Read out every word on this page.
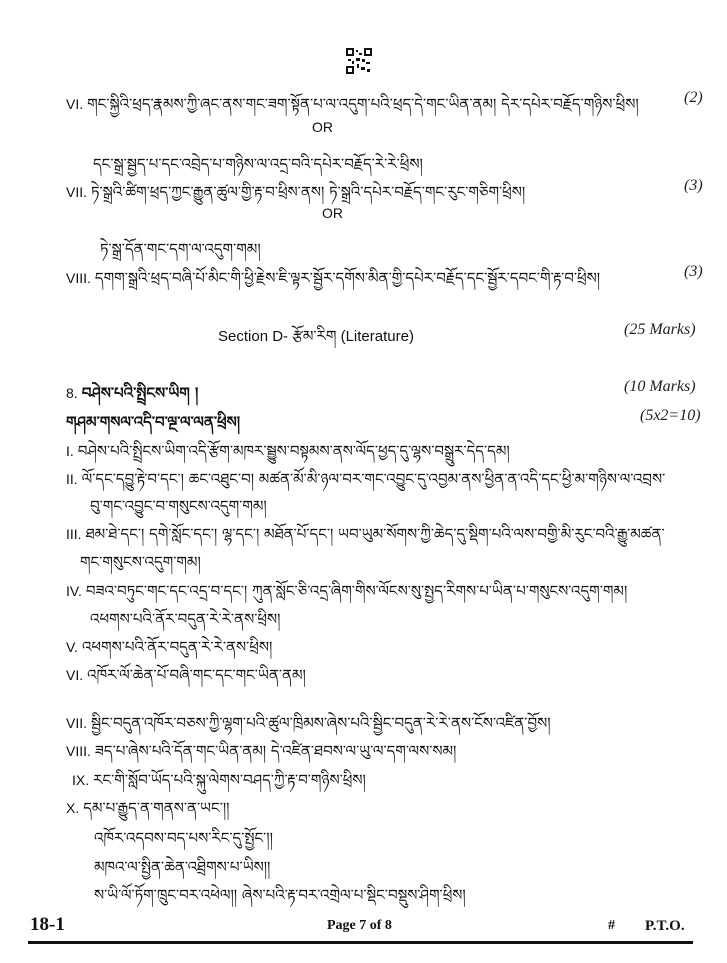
VI. གང་སྐྱིའི་ཕྲད་རྣམས་ཀྱི་ཞང་ནས་གང་ཟག་སྟོན་པ་ལ་འདུག་པའི་ཕྲད་དེ་གང་ཡིན་ནམ། དེར་དཔེར་བརྗོད་གཉིས་ཕྲིས།	(2)
OR
དང་སྒྲ་སྦྱད་པ་དང་འབྲེད་པ་གཉིས་ལ་འདྲ་བའི་དཔེར་བརྗོད་རེ་རེ་ཕྲིས།
VII. ཏེ་སྒྲའི་ཚིག་ཕྲད་ཀྱང་རྒྱུན་ཚུལ་གྱི་རྟ་བ་ཕྲིས་ནས། ཏེ་སྒྲའི་དཔེར་བརྗོད་གང་རུང་གཅིག་ཕྲིས།	(3)
OR
ཏེ་སྒྲ་དོན་གང་དག་ལ་འདུག་གམ།
VIII. དགག་སྒྲའི་ཕྲད་བཞི་པོ་མིང་གི་ཕྱི་རྗེས་ཇི་ལྟར་སྦྱོར་དགོས་མིན་གྱི་དཔེར་བརྗོད་དང་སྦྱོར་དབང་གི་རྟ་བ་ཕྲིས།	(3)
Section D- རྩོམ་རིག (Literature)	(25 Marks)
8. བཤེས་པའི་སྤྲིངས་ཡིག །	(10 Marks)
གཤམ་གསལ་འདི་བ་ལྔ་ལ་ལན་ཕྲིས།	(5x2=10)
I. བཤེས་པའི་སྤྲིངས་ཡིག་འདི་རྩོག་མཁར་སྦྱུས་བསྟམས་ནས་ལོད་ཕྱད་དུ་ལྷས་བསྒྲུར་དེད་དམ།
II. ལོ་དང་དབྱུ་རྟེ་བ་དང་། ཆང་འཐུང་བ། མཚན་མོ་མི་ཉལ་བར་གང་འབྱུང་དུ་འབྱམ་ནས་ཕྱིན་ན་འདི་དང་ཕྱི་མ་གཉིས་ལ་འབྲས་
བུ་གང་འབྱུང་བ་གསུངས་འདུག་གམ།
III. ཐམ་ཐེ་དང་། དགེ་སློང་དང་། ལྷ་དང་། མཐོན་པོ་དང་། ཡབ་ཡུམ་སོགས་ཀྱི་ཆེད་དུ་སྡིག་པའི་ལས་བགྱི་མི་རུང་བའི་རྒྱུ་མཚན་
གང་གསུངས་འདུག་གམ།
IV. བཟའ་བཏུང་གང་དང་འདྲ་བ་དང་། ཀུན་སློང་ཅི་འདྲ་ཞིག་གིས་ལོངས་སུ་སྤྱད་རིགས་པ་ཡིན་པ་གསུངས་འདུག་གམ།
འཕགས་པའི་ནོར་བདུན་རེ་རེ་ནས་ཕྲིས།
V. འཕགས་པའི་ནོར་བདུན་རེ་རེ་ནས་ཕྲིས།
VI. འཁོར་ལོ་ཆེན་པོ་བཞི་གང་དང་གང་ཡིན་ནམ།
VII. སྦྱིང་བདུན་འཁོར་བཅས་ཀྱི་ལྷག་པའི་ཚུལ་ཁྲིམས་ཞེས་པའི་སྦྱིང་བདུན་རེ་རེ་ནས་ངོས་འཛིན་བྱོས།
VIII. ཟད་པ་ཞེས་པའི་དོན་གང་ཡིན་ནམ། དེ་འཛིན་ཐབས་ལ་ཡུ་ལ་དག་ལས་སམ།
IX. རང་གི་སློབ་ཡོད་པའི་སྐུ་ལེགས་བཤད་ཀྱི་རྟ་བ་གཉིས་ཕྲིས།
X. དམ་པ་རྒྱུད་ན་གནས་ན་ཡང་།།
འཁོར་འདབས་བད་པས་རིང་དུ་སྤྱོང་།།
མཁའ་ལ་སྤྱིན་ཆེན་འཐྲིགས་པ་ཡིས།།
ས་ཡི་ལོ་ཏོག་ཁྲུང་བར་འཕེལ།། ཞེས་པའི་རྟ་བར་འགྲེལ་པ་སྡིང་བསྡུས་ཤིག་ཕྲིས།
18-1	Page 7 of 8	# P.T.O.
